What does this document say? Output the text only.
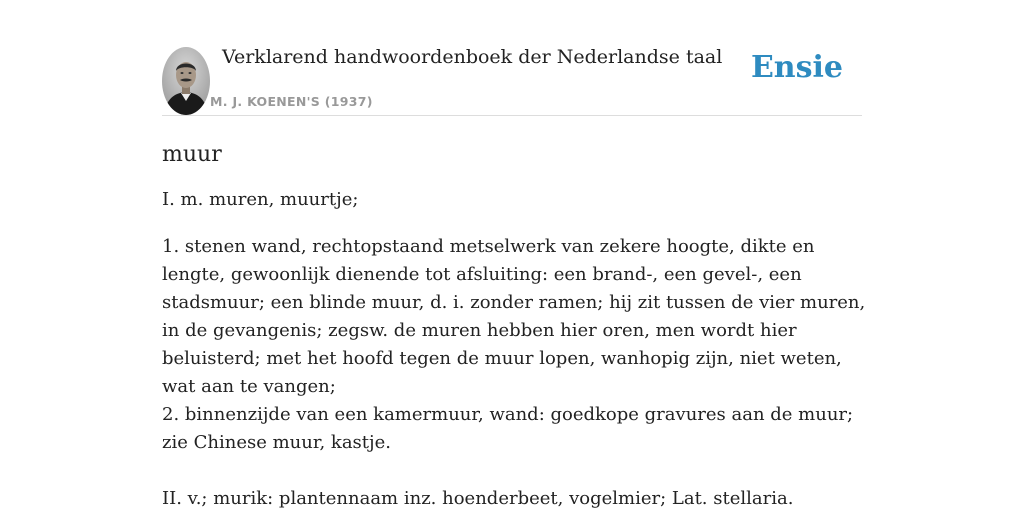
Verklarend handwoordenboek der Nederlandse taal
M. J. KOENEN'S (1937)
Ensie
muur

I. m. muren, muurtje;

1. stenen wand, rechtopstaand metselwerk van zekere hoogte, dikte en lengte, gewoonlijk dienende tot afsluiting: een brand-, een gevel-, een stadsmuur; een blinde muur, d. i. zonder ramen; hij zit tussen de vier muren, in de gevangenis; zegsw. de muren hebben hier oren, men wordt hier beluisterd; met het hoofd tegen de muur lopen, wanhopig zijn, niet weten, wat aan te vangen;
2. binnenzijde van een kamermuur, wand: goedkope gravures aan de muur; zie Chinese muur, kastje.

II. v.; murik: plantennaam inz. hoenderbeet, vogelmier; Lat. stellaria.
